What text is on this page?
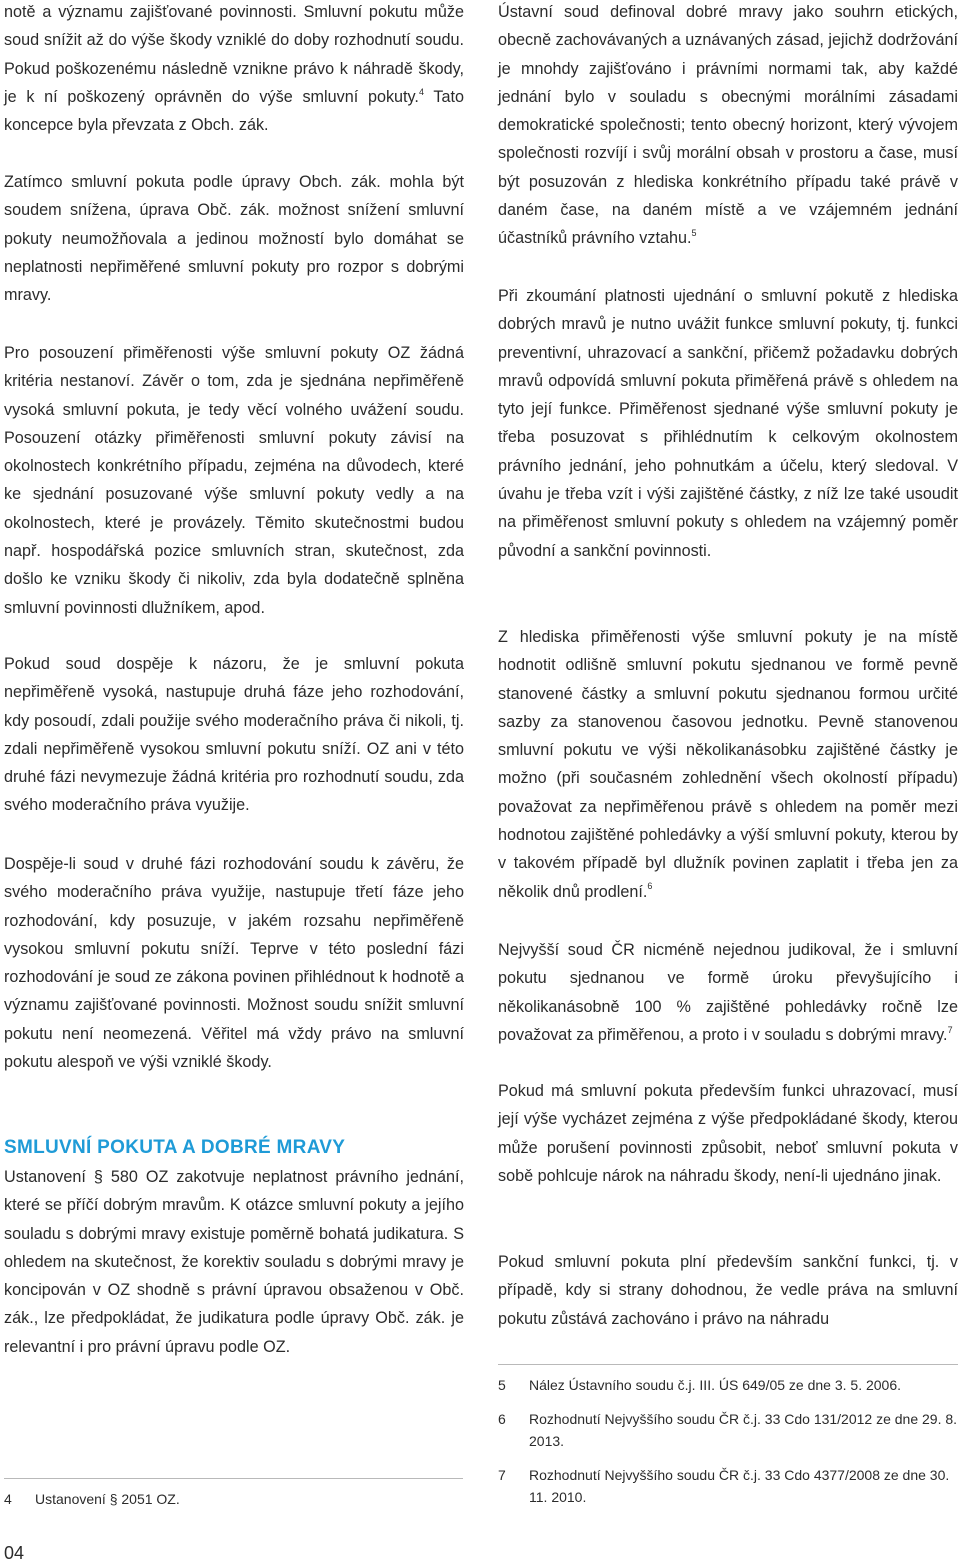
notě a významu zajišťované povinnosti. Smluvní pokutu může soud snížit až do výše škody vzniklé do doby rozhodnutí soudu. Pokud poškozenému následně vznikne právo k náhradě škody, je k ní poškozený oprávněn do výše smluvní pokuty.$^4$ Tato koncepce byla převzata z Obch. zák.

Zatímco smluvní pokuta podle úpravy Obch. zák. mohla být soudem snížena, úprava Obč. zák. možnost snížení smluvní pokuty neumožňovala a jedinou možností bylo domáhat se neplatnosti nepřiměřené smluvní pokuty pro rozpor s dobrými mravy.

Pro posouzení přiměřenosti výše smluvní pokuty OZ žádná kritéria nestanoví. Závěr o tom, zda je sjednána nepřiměřeně vysoká smluvní pokuta, je tedy věcí volného uvážení soudu. Posouzení otázky přiměřenosti smluvní pokuty závisí na okolnostech konkrétního případu, zejména na důvodech, které ke sjednání posuzované výše smluvní pokuty vedly a na okolnostech, které je provázely. Těmito skutečnostmi budou např. hospodářská pozice smluvních stran, skutečnost, zda došlo ke vzniku škody či nikoliv, zda byla dodatečně splněna smluvní povinnosti dlužníkem, apod.

Pokud soud dospěje k názoru, že je smluvní pokuta nepřiměřeně vysoká, nastupuje druhá fáze jeho rozhodování, kdy posoudí, zdali použije svého moderačního práva či nikoli, tj. zdali nepřiměřeně vysokou smluvní pokutu sníží. OZ ani v této druhé fázi nevymezuje žádná kritéria pro rozhodnutí soudu, zda svého moderačního práva využije.

Dospěje-li soud v druhé fázi rozhodování soudu k závěru, že svého moderačního práva využije, nastupuje třetí fáze jeho rozhodování, kdy posuzuje, v jakém rozsahu nepřiměřeně vysokou smluvní pokutu sníží. Teprve v této poslední fázi rozhodování je soud ze zákona povinen přihlédnout k hodnotě a významu zajišťované povinnosti. Možnost soudu snížit smluvní pokutu není neomezená. Věřitel má vždy právo na smluvní pokutu alespoň ve výši vzniklé škody.

SMLUVNÍ POKUTA A DOBRÉ MRAVY

Ustanovení § 580 OZ zakotvuje neplatnost právního jednání, které se příčí dobrým mravům. K otázce smluvní pokuty a jejího souladu s dobrými mravy existuje poměrně bohatá judikatura. S ohledem na skutečnost, že korektiv souladu s dobrými mravy je koncipován v OZ shodně s právní úpravou obsaženou v Obč. zák., lze předpokládat, že judikatura podle úpravy Obč. zák. je relevantní i pro právní úpravu podle OZ.

4 Ustanovení § 2051 OZ.

Ústavní soud definoval dobré mravy jako souhrn etických, obecně zachovávaných a uznávaných zásad, jejichž dodržování je mnohdy zajišťováno i právními normami tak, aby každé jednání bylo v souladu s obecnými morálními zásadami demokratické společnosti; tento obecný horizont, který vývojem společnosti rozvíjí i svůj morální obsah v prostoru a čase, musí být posuzován z hlediska konkrétního případu také právě v daném čase, na daném místě a ve vzájemném jednání účastníků právního vztahu.$^5$

Při zkoumání platnosti ujednání o smluvní pokutě z hlediska dobrých mravů je nutno uvážit funkce smluvní pokuty, tj. funkci preventivní, uhrazovací a sankční, přičemž požadavku dobrých mravů odpovídá smluvní pokuta přiměřená právě s ohledem na tyto její funkce. Přiměřenost sjednané výše smluvní pokuty je třeba posuzovat s přihlédnutím k celkovým okolnostem právního jednání, jeho pohnutkám a účelu, který sledoval. V úvahu je třeba vzít i výši zajištěné částky, z níž lze také usoudit na přiměřenost smluvní pokuty s ohledem na vzájemný poměr původní a sankční povinnosti.

Z hlediska přiměřenosti výše smluvní pokuty je na místě hodnotit odlišně smluvní pokutu sjednanou ve formě pevně stanovené částky a smluvní pokutu sjednanou formou určité sazby za stanovenou časovou jednotku. Pevně stanovenou smluvní pokutu ve výši několikanásobku zajištěné částky je možno (při současném zohlednění všech okolností případu) považovat za nepřiměřenou právě s ohledem na poměr mezi hodnotou zajištěné pohledávky a výší smluvní pokuty, kterou by v takovém případě byl dlužník povinen zaplatit i třeba jen za několik dnů prodlení.$^6$

Nejvyšší soud ČR nicméně nejednou judikoval, že i smluvní pokutu sjednanou ve formě úroku převyšujícího i několikanásobně 100 % zajištěné pohledávky ročně lze považovat za přiměřenou, a proto i v souladu s dobrými mravy.$^7$

Pokud má smluvní pokuta především funkci uhrazovací, musí její výše vycházet zejména z výše předpokládané škody, kterou může porušení povinnosti způsobit, neboť smluvní pokuta v sobě pohlcuje nárok na náhradu škody, není-li ujednáno jinak.

Pokud smluvní pokuta plní především sankční funkci, tj. v případě, kdy si strany dohodnou, že vedle práva na smluvní pokutu zůstává zachováno i právo na náhradu

5 Nález Ústavního soudu č.j. III. ÚS 649/05 ze dne 3. 5. 2006.
6 Rozhodnutí Nejvyššího soudu ČR č.j. 33 Cdo 131/2012 ze dne 29. 8. 2013.
7 Rozhodnutí Nejvyššího soudu ČR č.j. 33 Cdo 4377/2008 ze dne 30. 11. 2010.
04
